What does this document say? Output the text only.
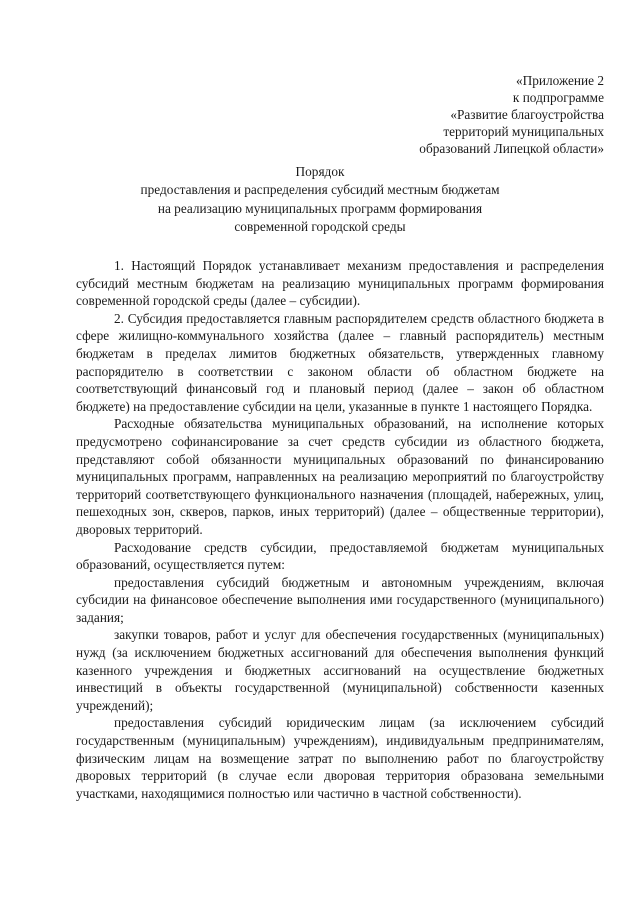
«Приложение 2
к подпрограмме
«Развитие благоустройства
территорий муниципальных
образований Липецкой области»
Порядок
предоставления и распределения субсидий местным бюджетам
на реализацию муниципальных программ формирования
современной городской среды

1. Настоящий Порядок устанавливает механизм предоставления и распределения субсидий местным бюджетам на реализацию муниципальных программ формирования современной городской среды (далее – субсидии).

2. Субсидия предоставляется главным распорядителем средств областного бюджета в сфере жилищно-коммунального хозяйства (далее – главный распорядитель) местным бюджетам в пределах лимитов бюджетных обязательств, утвержденных главному распорядителю в соответствии с законом области об областном бюджете на соответствующий финансовый год и плановый период (далее – закон об областном бюджете) на предоставление субсидии на цели, указанные в пункте 1 настоящего Порядка.

Расходные обязательства муниципальных образований, на исполнение которых предусмотрено софинансирование за счет средств субсидии из областного бюджета, представляют собой обязанности муниципальных образований по финансированию муниципальных программ, направленных на реализацию мероприятий по благоустройству территорий соответствующего функционального назначения (площадей, набережных, улиц, пешеходных зон, скверов, парков, иных территорий) (далее – общественные территории), дворовых территорий.

Расходование средств субсидии, предоставляемой бюджетам муниципальных образований, осуществляется путем:

предоставления субсидий бюджетным и автономным учреждениям, включая субсидии на финансовое обеспечение выполнения ими государственного (муниципального) задания;

закупки товаров, работ и услуг для обеспечения государственных (муниципальных) нужд (за исключением бюджетных ассигнований для обеспечения выполнения функций казенного учреждения и бюджетных ассигнований на осуществление бюджетных инвестиций в объекты государственной (муниципальной) собственности казенных учреждений);

предоставления субсидий юридическим лицам (за исключением субсидий государственным (муниципальным) учреждениям), индивидуальным предпринимателям, физическим лицам на возмещение затрат по выполнению работ по благоустройству дворовых территорий (в случае если дворовая территория образована земельными участками, находящимися полностью или частично в частной собственности).
